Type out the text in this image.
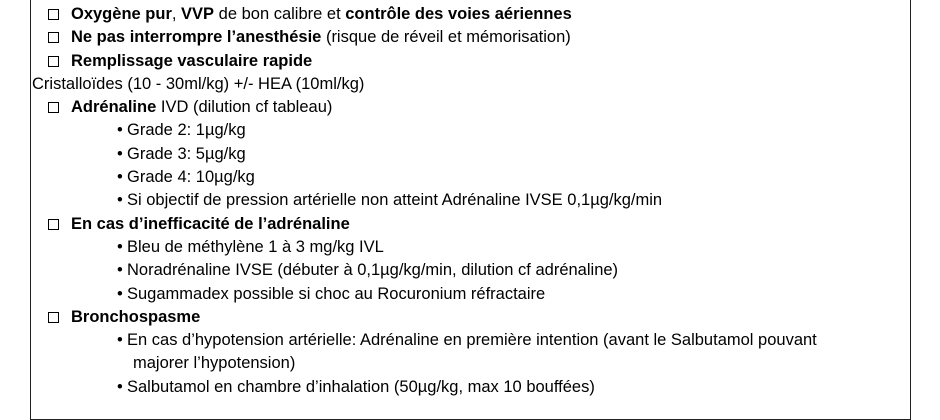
Oxygène pur, VVP de bon calibre et contrôle des voies aériennes
Ne pas interrompre l’anesthésie (risque de réveil et mémorisation)
Remplissage vasculaire rapide
Cristalloïdes (10 - 30ml/kg) +/- HEA (10ml/kg)
Adrénaline IVD (dilution cf tableau)
• Grade 2: 1µg/kg
• Grade 3: 5µg/kg
• Grade 4: 10µg/kg
• Si objectif de pression artérielle non atteint Adrénaline IVSE 0,1µg/kg/min
En cas d’inefficacité de l’adrénaline
• Bleu de méthylène 1 à 3 mg/kg IVL
• Noradrénaline IVSE (débuter à 0,1µg/kg/min, dilution cf adrénaline)
• Sugammadex possible si choc au Rocuronium réfractaire
Bronchospasme
• En cas d’hypotension artérielle: Adrénaline en première intention (avant le Salbutamol pouvant
majorer l’hypotension)
• Salbutamol en chambre d’inhalation (50µg/kg, max 10 bouffées)
